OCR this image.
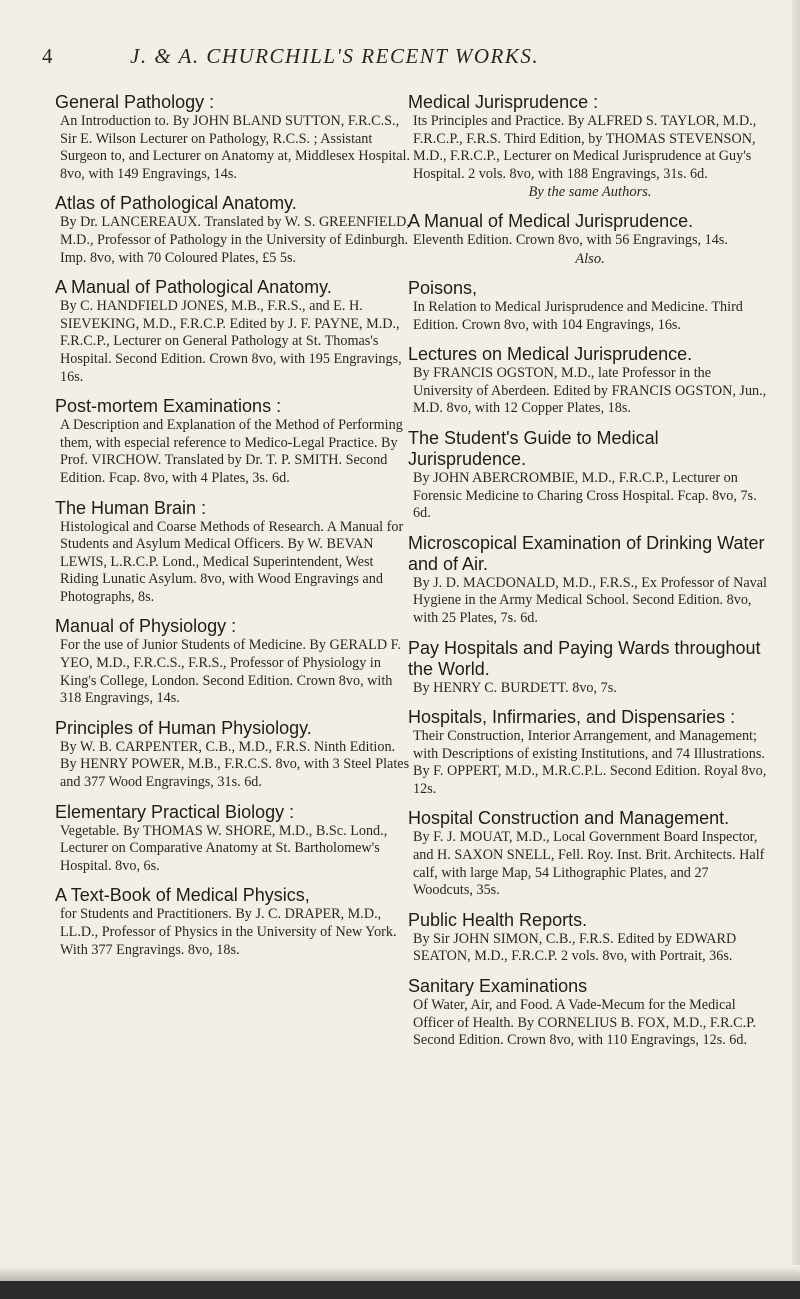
4	J. & A. CHURCHILL'S RECENT WORKS.
General Pathology :
An Introduction to. By JOHN BLAND SUTTON, F.R.C.S., Sir E. Wilson Lecturer on Pathology, R.C.S. ; Assistant Surgeon to, and Lecturer on Anatomy at, Middlesex Hospital. 8vo, with 149 Engravings, 14s.
Atlas of Pathological Anatomy.
By Dr. LANCEREAUX. Translated by W. S. GREENFIELD, M.D., Professor of Pathology in the University of Edinburgh. Imp. 8vo, with 70 Coloured Plates, £5 5s.
A Manual of Pathological Anatomy.
By C. HANDFIELD JONES, M.B., F.R.S., and E. H. SIEVEKING, M.D., F.R.C.P. Edited by J. F. PAYNE, M.D., F.R.C.P., Lecturer on General Pathology at St. Thomas's Hospital. Second Edition. Crown 8vo, with 195 Engravings, 16s.
Post-mortem Examinations :
A Description and Explanation of the Method of Performing them, with especial reference to Medico-Legal Practice. By Prof. VIRCHOW. Translated by Dr. T. P. SMITH. Second Edition. Fcap. 8vo, with 4 Plates, 3s. 6d.
The Human Brain :
Histological and Coarse Methods of Research. A Manual for Students and Asylum Medical Officers. By W. BEVAN LEWIS, L.R.C.P. Lond., Medical Superintendent, West Riding Lunatic Asylum. 8vo, with Wood Engravings and Photographs, 8s.
Manual of Physiology :
For the use of Junior Students of Medicine. By GERALD F. YEO, M.D., F.R.C.S., F.R.S., Professor of Physiology in King's College, London. Second Edition. Crown 8vo, with 318 Engravings, 14s.
Principles of Human Physiology.
By W. B. CARPENTER, C.B., M.D., F.R.S. Ninth Edition. By HENRY POWER, M.B., F.R.C.S. 8vo, with 3 Steel Plates and 377 Wood Engravings, 31s. 6d.
Elementary Practical Biology :
Vegetable. By THOMAS W. SHORE, M.D., B.Sc. Lond., Lecturer on Comparative Anatomy at St. Bartholomew's Hospital. 8vo, 6s.
A Text-Book of Medical Physics,
for Students and Practitioners. By J. C. DRAPER, M.D., LL.D., Professor of Physics in the University of New York. With 377 Engravings. 8vo, 18s.
Medical Jurisprudence :
Its Principles and Practice. By ALFRED S. TAYLOR, M.D., F.R.C.P., F.R.S. Third Edition, by THOMAS STEVENSON, M.D., F.R.C.P., Lecturer on Medical Jurisprudence at Guy's Hospital. 2 vols. 8vo, with 188 Engravings, 31s. 6d.
By the same Authors.
A Manual of Medical Jurisprudence.
Eleventh Edition. Crown 8vo, with 56 Engravings, 14s.
Also.
Poisons,
In Relation to Medical Jurisprudence and Medicine. Third Edition. Crown 8vo, with 104 Engravings, 16s.
Lectures on Medical Jurisprudence.
By FRANCIS OGSTON, M.D., late Professor in the University of Aberdeen. Edited by FRANCIS OGSTON, Jun., M.D. 8vo, with 12 Copper Plates, 18s.
The Student's Guide to Medical Jurisprudence.
By JOHN ABERCROMBIE, M.D., F.R.C.P., Lecturer on Forensic Medicine to Charing Cross Hospital. Fcap. 8vo, 7s. 6d.
Microscopical Examination of Drinking Water and of Air.
By J. D. MACDONALD, M.D., F.R.S., Ex Professor of Naval Hygiene in the Army Medical School. Second Edition. 8vo, with 25 Plates, 7s. 6d.
Pay Hospitals and Paying Wards throughout the World.
By HENRY C. BURDETT. 8vo, 7s.
Hospitals, Infirmaries, and Dispensaries :
Their Construction, Interior Arrangement, and Management; with Descriptions of existing Institutions, and 74 Illustrations. By F. OPPERT, M.D., M.R.C.P.L. Second Edition. Royal 8vo, 12s.
Hospital Construction and Management.
By F. J. MOUAT, M.D., Local Government Board Inspector, and H. SAXON SNELL, Fell. Roy. Inst. Brit. Architects. Half calf, with large Map, 54 Lithographic Plates, and 27 Woodcuts, 35s.
Public Health Reports.
By Sir JOHN SIMON, C.B., F.R.S. Edited by EDWARD SEATON, M.D., F.R.C.P. 2 vols. 8vo, with Portrait, 36s.
Sanitary Examinations
Of Water, Air, and Food. A Vade-Mecum for the Medical Officer of Health. By CORNELIUS B. FOX, M.D., F.R.C.P. Second Edition. Crown 8vo, with 110 Engravings, 12s. 6d.
